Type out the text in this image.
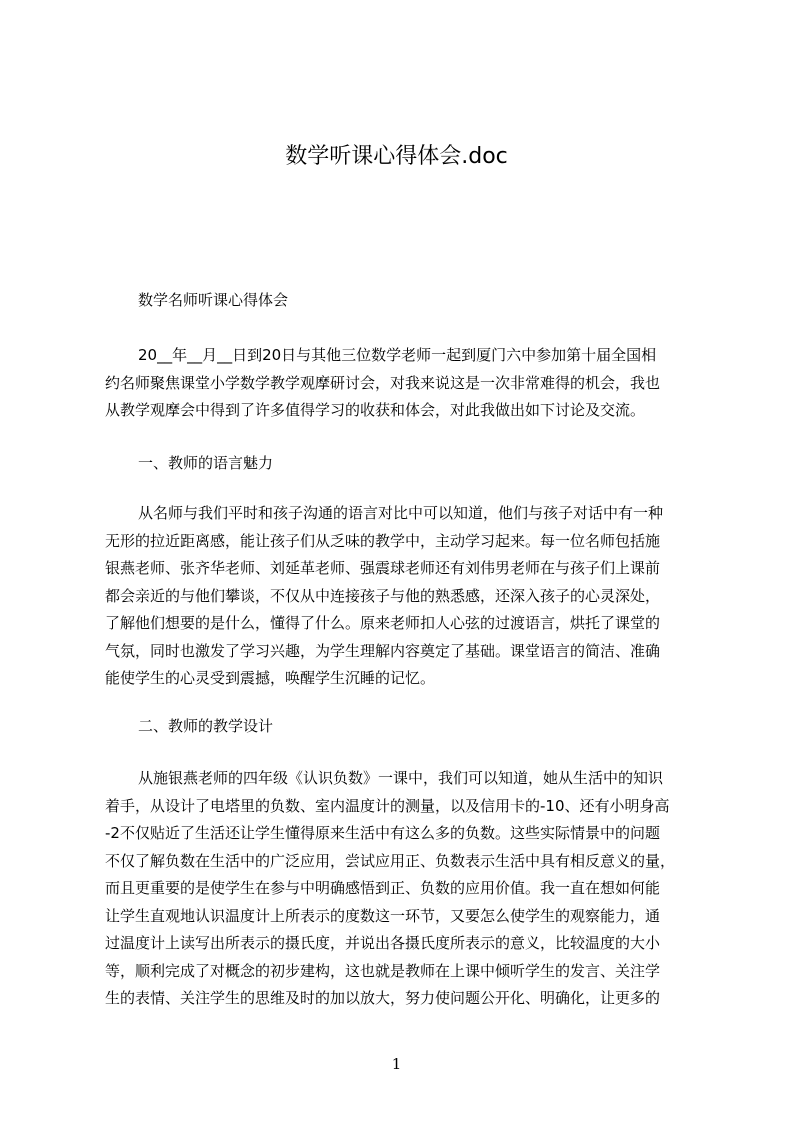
数学听课心得体会.doc
数学名师听课心得体会
20__年__月__日到20日与其他三位数学老师一起到厦门六中参加第十届全国相
约名师聚焦课堂小学数学教学观摩研讨会，对我来说这是一次非常难得的机会，我也
从教学观摩会中得到了许多值得学习的收获和体会，对此我做出如下讨论及交流。
一、教师的语言魅力
从名师与我们平时和孩子沟通的语言对比中可以知道，他们与孩子对话中有一种
无形的拉近距离感，能让孩子们从乏味的教学中，主动学习起来。每一位名师包括施
银燕老师、张齐华老师、刘延革老师、强震球老师还有刘伟男老师在与孩子们上课前
都会亲近的与他们攀谈，不仅从中连接孩子与他的熟悉感，还深入孩子的心灵深处，
了解他们想要的是什么，懂得了什么。原来老师扣人心弦的过渡语言，烘托了课堂的
气氛，同时也激发了学习兴趣，为学生理解内容奠定了基础。课堂语言的简洁、准确
能使学生的心灵受到震撼，唤醒学生沉睡的记忆。
二、教师的教学设计
从施银燕老师的四年级《认识负数》一课中，我们可以知道，她从生活中的知识
着手，从设计了电塔里的负数、室内温度计的测量，以及信用卡的-10、还有小明身高
-2不仅贴近了生活还让学生懂得原来生活中有这么多的负数。这些实际情景中的问题
不仅了解负数在生活中的广泛应用，尝试应用正、负数表示生活中具有相反意义的量，
而且更重要的是使学生在参与中明确感悟到正、负数的应用价值。我一直在想如何能
让学生直观地认识温度计上所表示的度数这一环节，又要怎么使学生的观察能力，通
过温度计上读写出所表示的摄氏度，并说出各摄氏度所表示的意义，比较温度的大小
等，顺利完成了对概念的初步建构，这也就是教师在上课中倾听学生的发言、关注学
生的表情、关注学生的思维及时的加以放大，努力使问题公开化、明确化，让更多的
1
